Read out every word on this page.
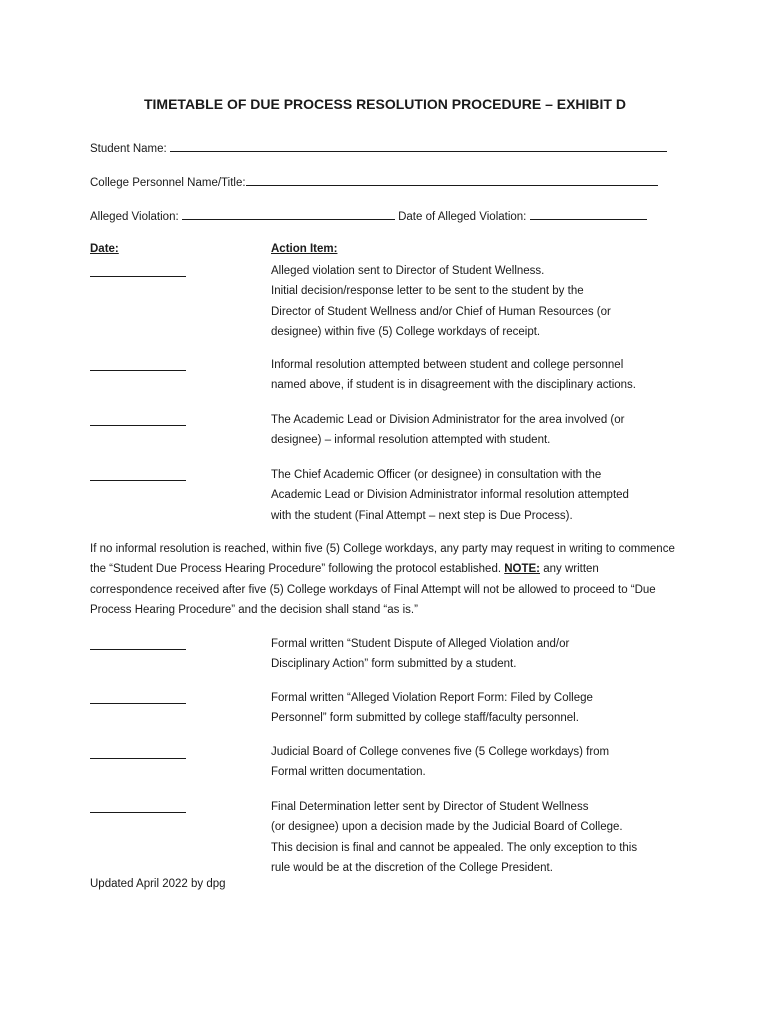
TIMETABLE OF DUE PROCESS RESOLUTION PROCEDURE – EXHIBIT D
Student Name:
College Personnel Name/Title:
Alleged Violation:	Date of Alleged Violation:
Date:	Action Item:
Alleged violation sent to Director of Student Wellness.
Initial decision/response letter to be sent to the student by the
Director of Student Wellness and/or Chief of Human Resources (or
designee) within five (5) College workdays of receipt.
Informal resolution attempted between student and college personnel
named above, if student is in disagreement with the disciplinary actions.
The Academic Lead or Division Administrator for the area involved (or
designee) – informal resolution attempted with student.
The Chief Academic Officer (or designee) in consultation with the
Academic Lead or Division Administrator informal resolution attempted
with the student (Final Attempt – next step is Due Process).
If no informal resolution is reached, within five (5) College workdays, any party may request in writing to commence the “Student Due Process Hearing Procedure” following the protocol established. NOTE: any written correspondence received after five (5) College workdays of Final Attempt will not be allowed to proceed to “Due Process Hearing Procedure” and the decision shall stand “as is.”
Formal written “Student Dispute of Alleged Violation and/or
Disciplinary Action” form submitted by a student.
Formal written “Alleged Violation Report Form: Filed by College
Personnel” form submitted by college staff/faculty personnel.
Judicial Board of College convenes five (5 College workdays) from
Formal written documentation.
Final Determination letter sent by Director of Student Wellness
(or designee) upon a decision made by the Judicial Board of College.
This decision is final and cannot be appealed. The only exception to this
rule would be at the discretion of the College President.
Updated April 2022 by dpg
